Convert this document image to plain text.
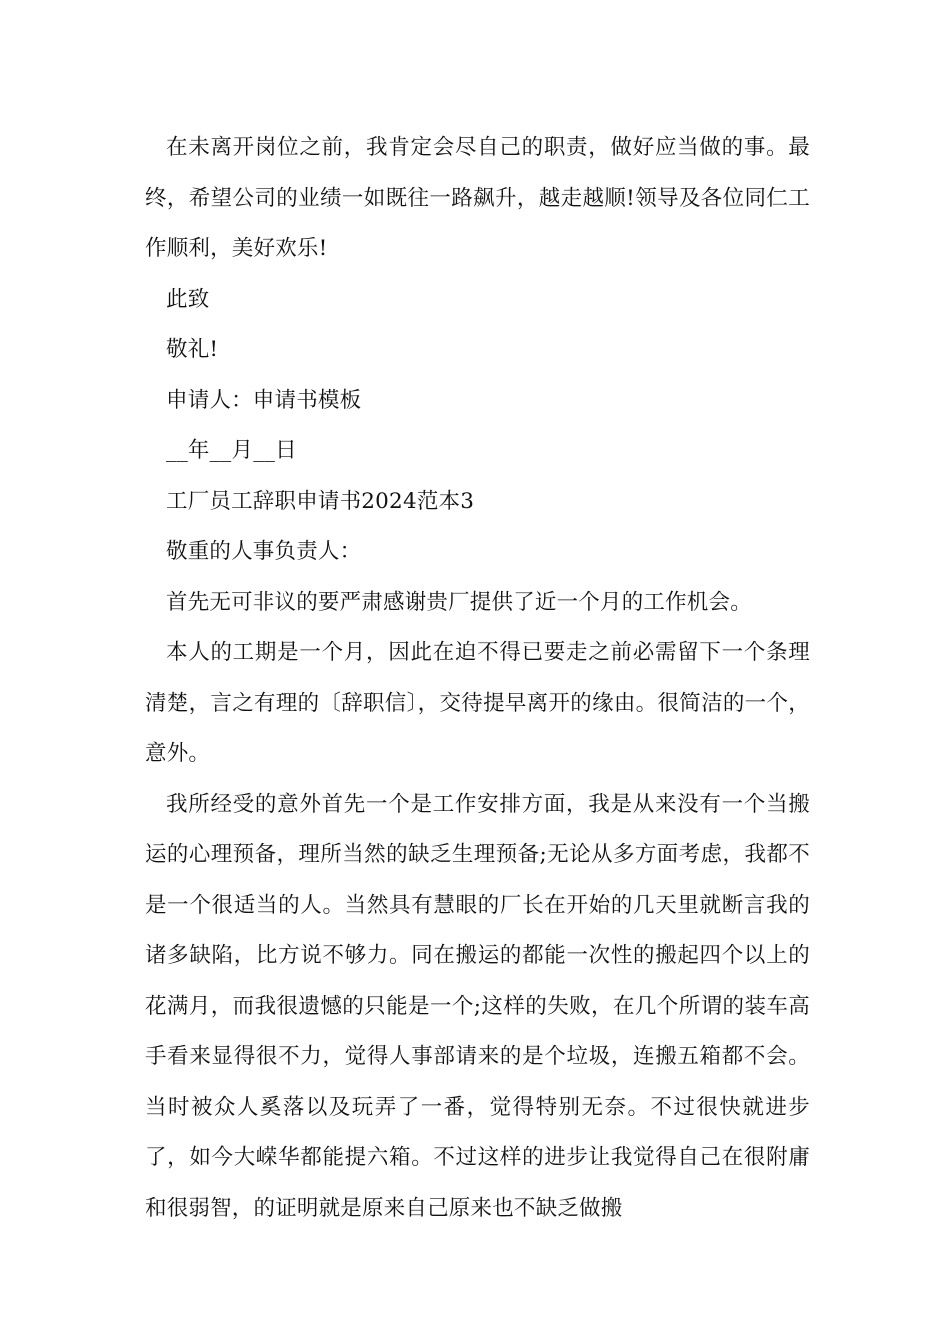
在未离开岗位之前，我肯定会尽自己的职责，做好应当做的事。最终，希望公司的业绩一如既往一路飙升，越走越顺!领导及各位同仁工作顺利，美好欢乐!

此致

敬礼!

申请人：申请书模板

__年__月__日

工厂员工辞职申请书2024范本3

敬重的人事负责人：

首先无可非议的要严肃感谢贵厂提供了近一个月的工作机会。

本人的工期是一个月，因此在迫不得已要走之前必需留下一个条理清楚，言之有理的〔辞职信〕，交待提早离开的缘由。很简洁的一个，意外。

我所经受的意外首先一个是工作安排方面，我是从来没有一个当搬运的心理预备，理所当然的缺乏生理预备;无论从多方面考虑，我都不是一个很适当的人。当然具有慧眼的厂长在开始的几天里就断言我的诸多缺陷，比方说不够力。同在搬运的都能一次性的搬起四个以上的花满月，而我很遗憾的只能是一个;这样的失败，在几个所谓的装车高手看来显得很不力，觉得人事部请来的是个垃圾，连搬五箱都不会。当时被众人奚落以及玩弄了一番，觉得特别无奈。不过很快就进步了，如今大嵘华都能提六箱。不过这样的进步让我觉得自己在很附庸和很弱智，的证明就是原来自己原来也不缺乏做搬
